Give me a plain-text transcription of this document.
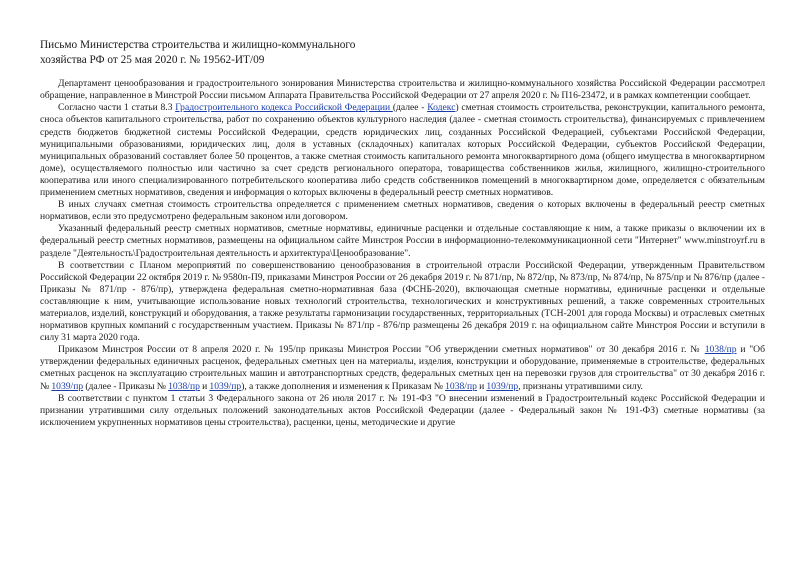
Письмо Министерства строительства и жилищно-коммунального
хозяйства РФ от 25 мая 2020 г. № 19562-ИТ/09

Департамент ценообразования и градостроительного зонирования Министерства строительства и жилищно-коммунального хозяйства Российской Федерации рассмотрел обращение, направленное в Минстрой России письмом Аппарата Правительства Российской Федерации от 27 апреля 2020 г. № П16-23472, и в рамках компетенции сообщает.

Согласно части 1 статьи 8.3 Градостроительного кодекса Российской Федерации (далее - Кодекс) сметная стоимость строительства, реконструкции, капитального ремонта, сноса объектов капитального строительства, работ по сохранению объектов культурного наследия (далее - сметная стоимость строительства), финансируемых с привлечением средств бюджетов бюджетной системы Российской Федерации, средств юридических лиц, созданных Российской Федерацией, субъектами Российской Федерации, муниципальными образованиями, юридических лиц, доля в уставных (складочных) капиталах которых Российской Федерации, субъектов Российской Федерации, муниципальных образований составляет более 50 процентов, а также сметная стоимость капитального ремонта многоквартирного дома (общего имущества в многоквартирном доме), осуществляемого полностью или частично за счет средств регионального оператора, товарищества собственников жилья, жилищного, жилищно-строительного кооператива или иного специализированного потребительского кооператива либо средств собственников помещений в многоквартирном доме, определяется с обязательным применением сметных нормативов, сведения и информация о которых включены в федеральный реестр сметных нормативов.

В иных случаях сметная стоимость строительства определяется с применением сметных нормативов, сведения о которых включены в федеральный реестр сметных нормативов, если это предусмотрено федеральным законом или договором.

Указанный федеральный реестр сметных нормативов, сметные нормативы, единичные расценки и отдельные составляющие к ним, а также приказы о включении их в федеральный реестр сметных нормативов, размещены на официальном сайте Минстроя России в информационно-телекоммуникационной сети "Интернет" www.minstroyrf.ru в разделе "Деятельность\Градостроительная деятельность и архитектура\Ценообразование".

В соответствии с Планом мероприятий по совершенствованию ценообразования в строительной отрасли Российской Федерации, утвержденным Правительством Российской Федерации 22 октября 2019 г. № 9580п-П9, приказами Минстроя России от 26 декабря 2019 г. № 871/пр, № 872/пр, № 873/пр, № 874/пр, № 875/пр и № 876/пр (далее - Приказы № 871/пр - 876/пр), утверждена федеральная сметно-нормативная база (ФСНБ-2020), включающая сметные нормативы, единичные расценки и отдельные составляющие к ним, учитывающие использование новых технологий строительства, технологических и конструктивных решений, а также современных строительных материалов, изделий, конструкций и оборудования, а также результаты гармонизации государственных, территориальных (ТСН-2001 для города Москвы) и отраслевых сметных нормативов крупных компаний с государственным участием. Приказы № 871/пр - 876/пр размещены 26 декабря 2019 г. на официальном сайте Минстроя России и вступили в силу 31 марта 2020 года.

Приказом Минстроя России от 8 апреля 2020 г. № 195/пр приказы Минстроя России "Об утверждении сметных нормативов" от 30 декабря 2016 г. № 1038/пр и "Об утверждении федеральных единичных расценок, федеральных сметных цен на материалы, изделия, конструкции и оборудование, применяемые в строительстве, федеральных сметных расценок на эксплуатацию строительных машин и автотранспортных средств, федеральных сметных цен на перевозки грузов для строительства" от 30 декабря 2016 г. № 1039/пр (далее - Приказы № 1038/пр и 1039/пр), а также дополнения и изменения к Приказам № 1038/пр и 1039/пр, признаны утратившими силу.

В соответствии с пунктом 1 статьи 3 Федерального закона от 26 июля 2017 г. № 191-ФЗ "О внесении изменений в Градостроительный кодекс Российской Федерации и признании утратившими силу отдельных положений законодательных актов Российской Федерации (далее - Федеральный закон № 191-ФЗ) сметные нормативы (за исключением укрупненных нормативов цены строительства), расценки, цены, методические и другие
